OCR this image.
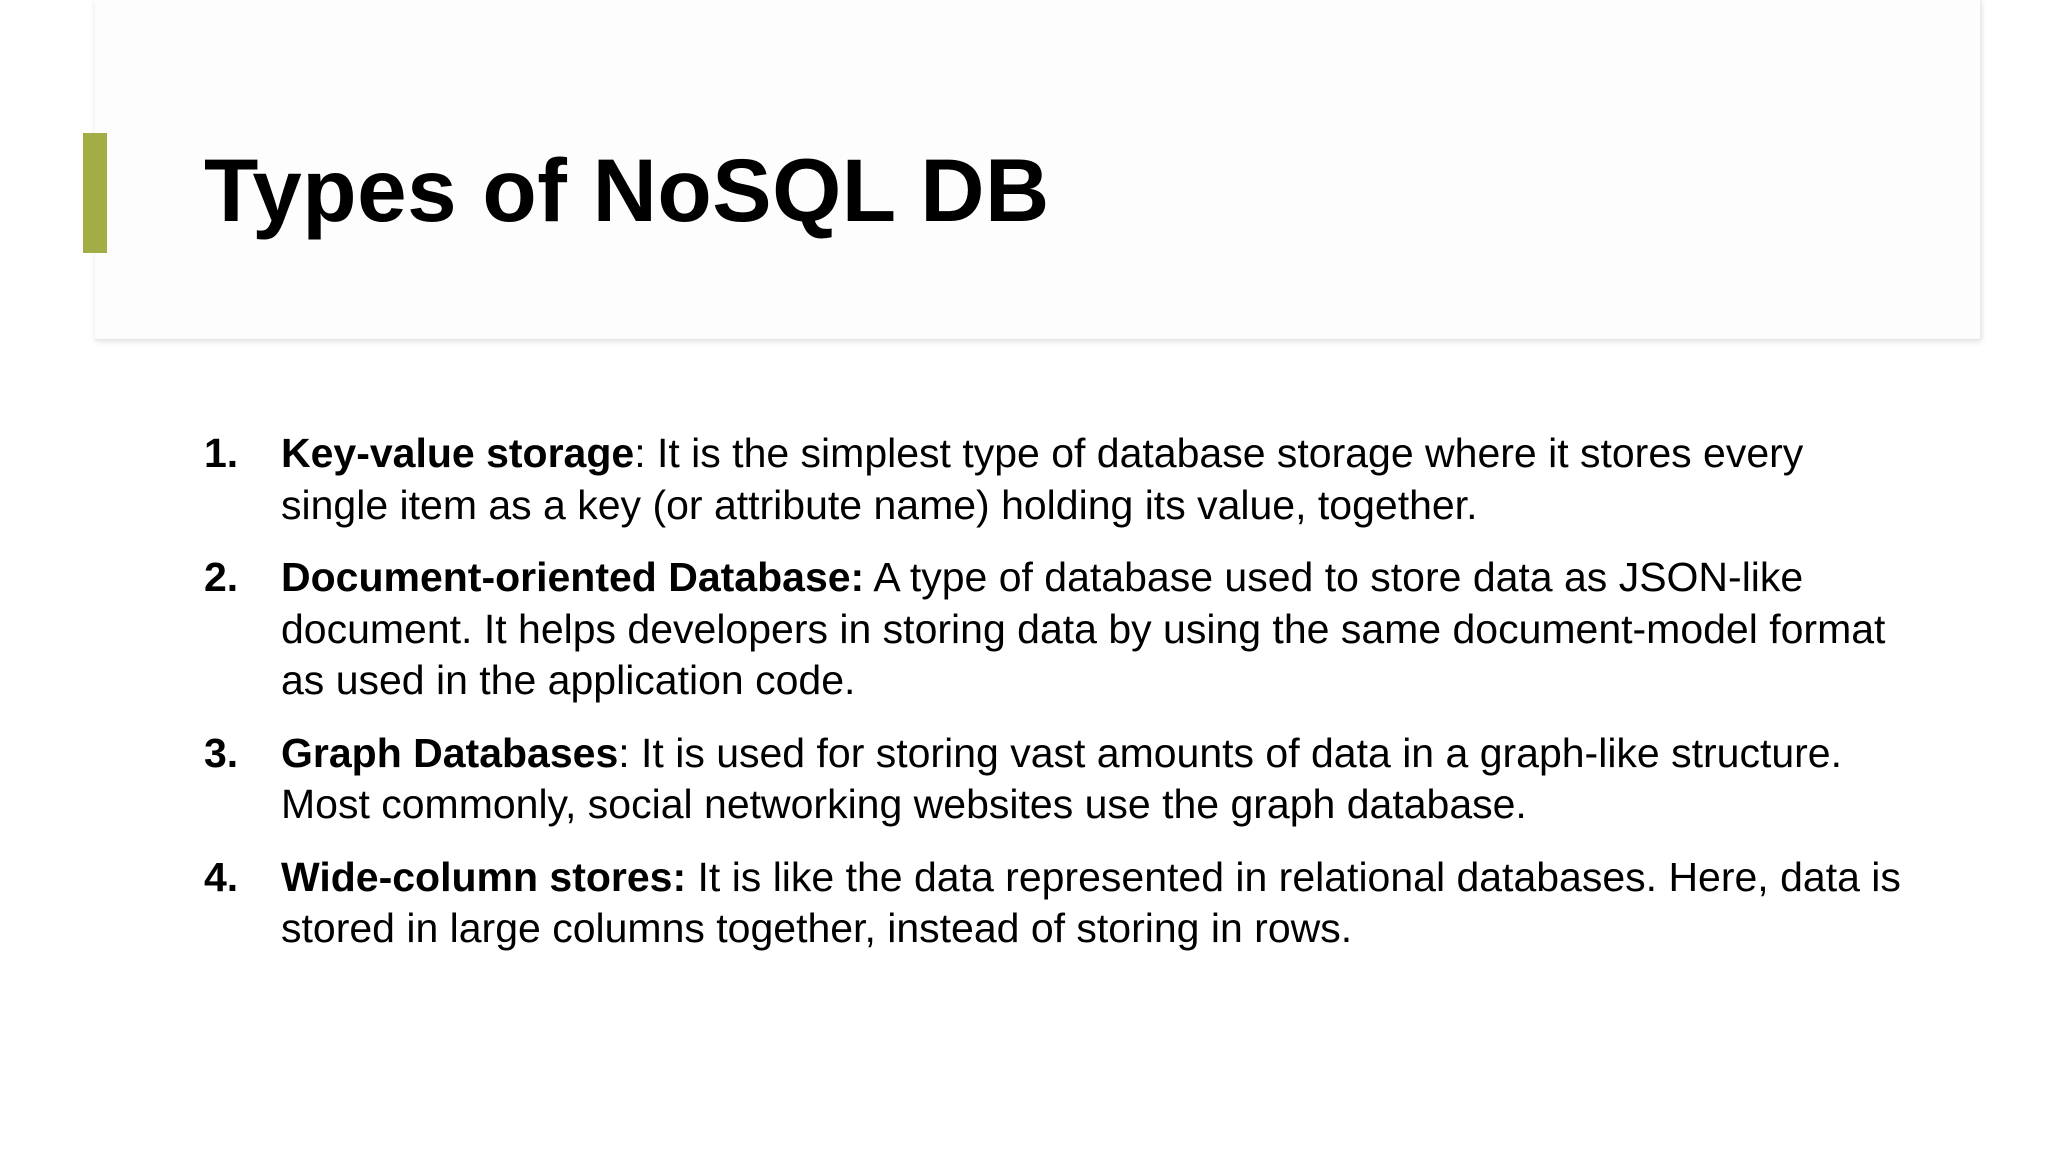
Types of NoSQL DB
1. Key-value storage: It is the simplest type of database storage where it stores every single item as a key (or attribute name) holding its value, together.
2. Document-oriented Database: A type of database used to store data as JSON-like document. It helps developers in storing data by using the same document-model format as used in the application code.
3. Graph Databases: It is used for storing vast amounts of data in a graph-like structure. Most commonly, social networking websites use the graph database.
4. Wide-column stores: It is like the data represented in relational databases. Here, data is stored in large columns together, instead of storing in rows.
